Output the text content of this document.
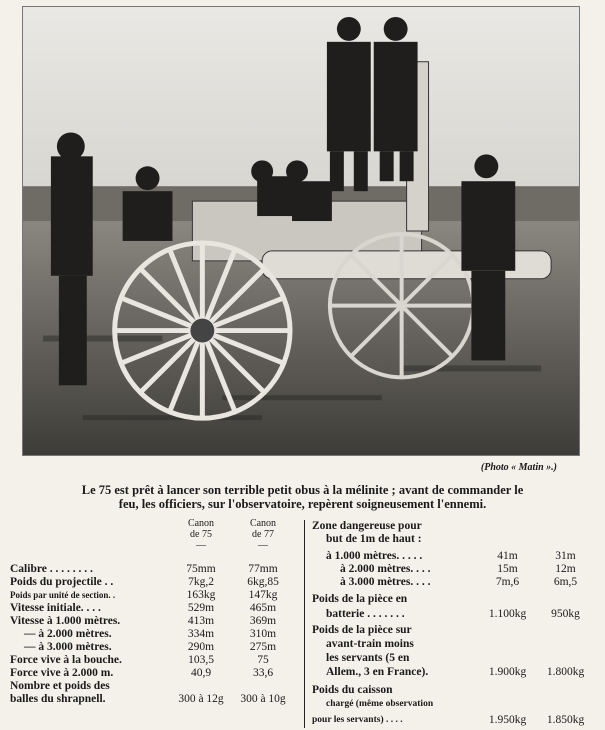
(Photo « Matin ».)
Le 75 est prêt à lancer son terrible petit obus à la mélinite ; avant de commander le
feu, les officiers, sur l'observatoire, repèrent soigneusement l'ennemi.
Canon
de 75
—
Canon
de 77
—
Calibre . . . . . . . .	75mm	77mm
Poids du projectile . .	7kg,2	6kg,85
Poids par unité de section. .	163kg	147kg
Vitesse initiale. . . .	529m	465m
Vitesse à 1.000 mètres.	413m	369m
— à 2.000 mètres.	334m	310m
— à 3.000 mètres.	290m	275m
Force vive à la bouche.	103,5	75
Force vive à 2.000 m.	40,9	33,6
Nombre et poids des
balles du shrapnell.	300 à 12g 300 à 10g
Zone dangereuse pour
but de 1m de haut :
à 1.000 mètres. . . . .	41m	31m
à 2.000 mètres. . . .	15m	12m
à 3.000 mètres. . . .	7m,6	6m,5
Poids de la pièce en
batterie . . . . . . .	1.100kg	950kg
Poids de la pièce sur
avant-train moins
les servants (5 en
Allem., 3 en France).	1.900kg	1.800kg
Poids du caisson
chargé (même observation
pour les servants) . . . .	1.950kg	1.850kg
